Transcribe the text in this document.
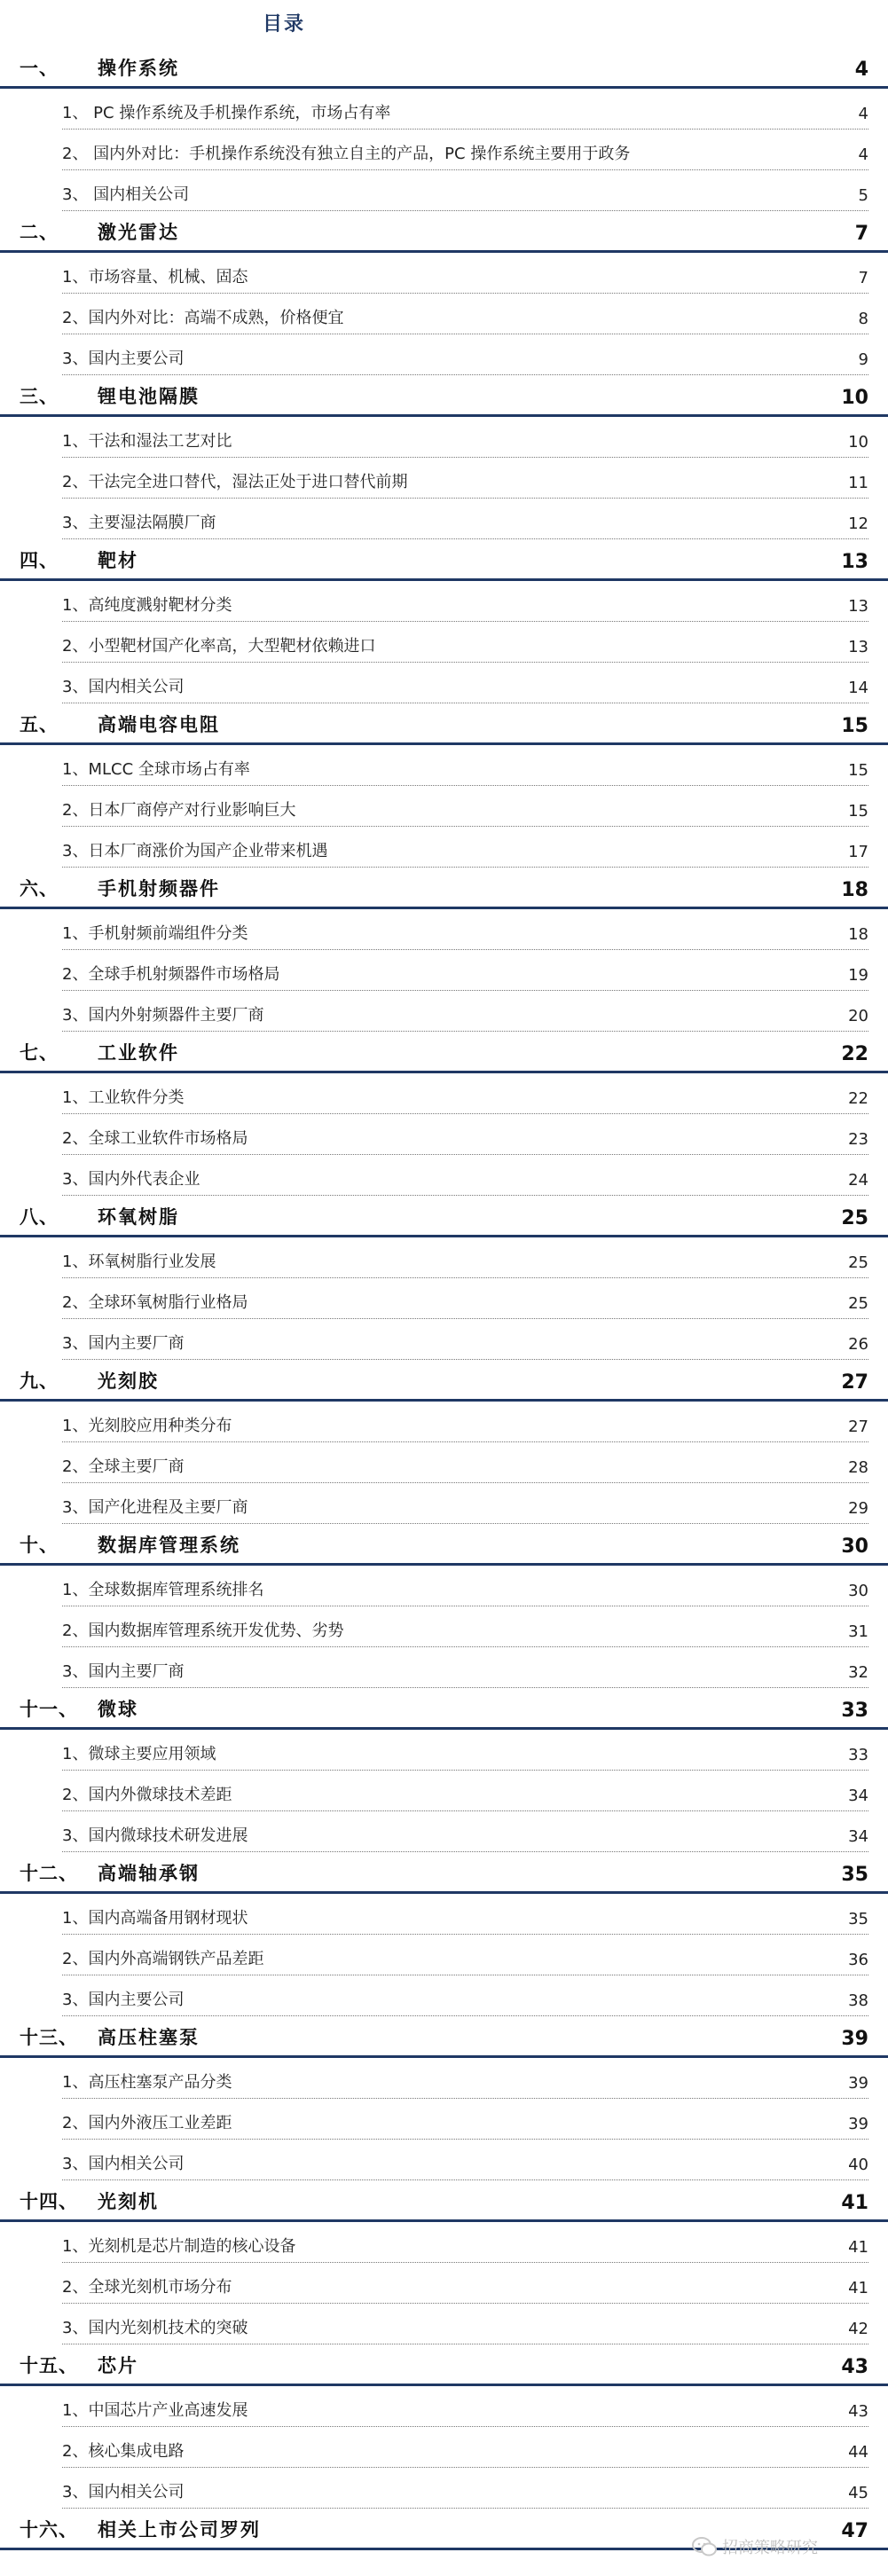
目录
一、 操作系统	4
1、 PC 操作系统及手机操作系统，市场占有率	4
2、 国内外对比：手机操作系统没有独立自主的产品，PC 操作系统主要用于政务	4
3、 国内相关公司	5
二、 激光雷达	7
1、市场容量、机械、固态	7
2、国内外对比：高端不成熟，价格便宜	8
3、国内主要公司	9
三、 锂电池隔膜	10
1、干法和湿法工艺对比	10
2、干法完全进口替代，湿法正处于进口替代前期	11
3、主要湿法隔膜厂商	12
四、 靶材	13
1、高纯度溅射靶材分类	13
2、小型靶材国产化率高，大型靶材依赖进口	13
3、国内相关公司	14
五、 高端电容电阻	15
1、MLCC 全球市场占有率	15
2、日本厂商停产对行业影响巨大	15
3、日本厂商涨价为国产企业带来机遇	17
六、 手机射频器件	18
1、手机射频前端组件分类	18
2、全球手机射频器件市场格局	19
3、国内外射频器件主要厂商	20
七、 工业软件	22
1、工业软件分类	22
2、全球工业软件市场格局	23
3、国内外代表企业	24
八、 环氧树脂	25
1、环氧树脂行业发展	25
2、全球环氧树脂行业格局	25
3、国内主要厂商	26
九、 光刻胶	27
1、光刻胶应用种类分布	27
2、全球主要厂商	28
3、国产化进程及主要厂商	29
十、 数据库管理系统	30
1、全球数据库管理系统排名	30
2、国内数据库管理系统开发优势、劣势	31
3、国内主要厂商	32
十一、 微球	33
1、微球主要应用领域	33
2、国内外微球技术差距	34
3、国内微球技术研发进展	34
十二、 高端轴承钢	35
1、国内高端备用钢材现状	35
2、国内外高端钢铁产品差距	36
3、国内主要公司	38
十三、 高压柱塞泵	39
1、高压柱塞泵产品分类	39
2、国内外液压工业差距	39
3、国内相关公司	40
十四、 光刻机	41
1、光刻机是芯片制造的核心设备	41
2、全球光刻机市场分布	41
3、国内光刻机技术的突破	42
十五、 芯片	43
1、中国芯片产业高速发展	43
2、核心集成电路	44
3、国内相关公司	45
十六、 相关上市公司罗列	47
招商策略研究
